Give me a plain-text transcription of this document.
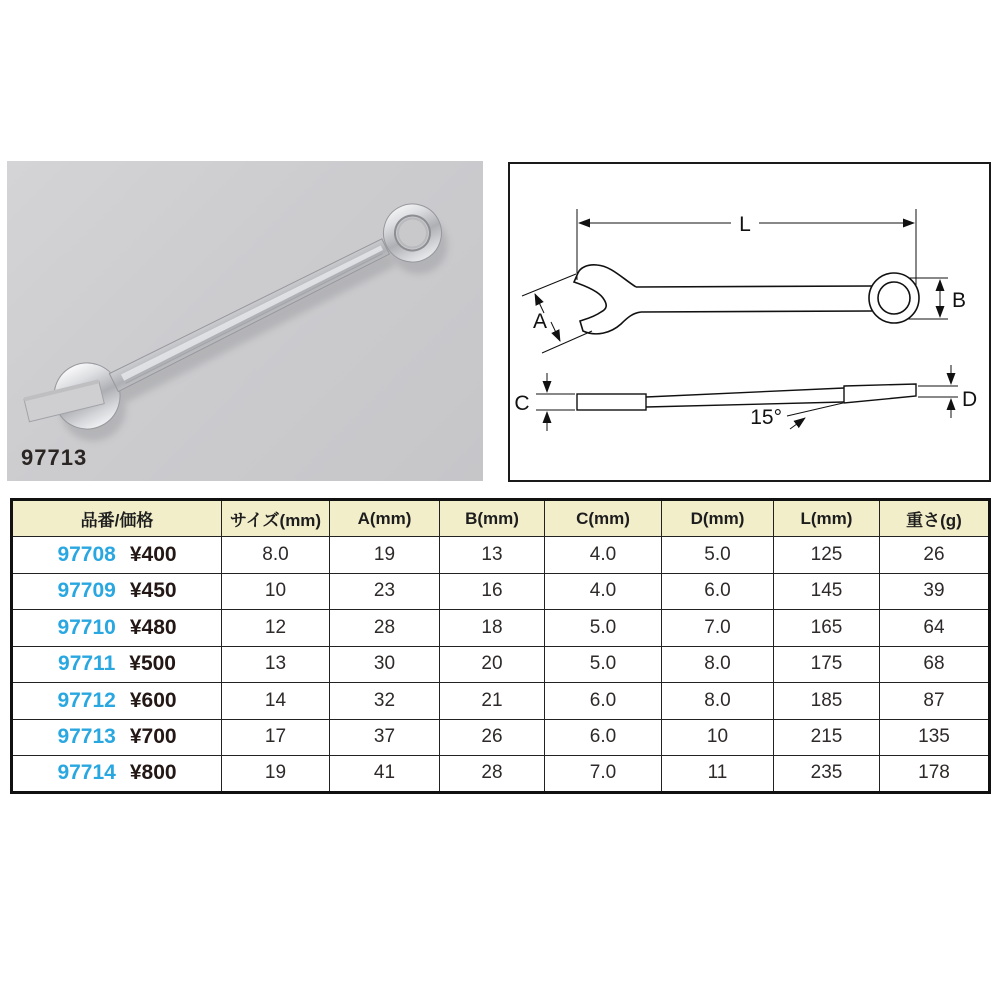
97713
L
A
B
C	D
15°
品番/価格	サイズ(mm)	A(mm)	B(mm)	C(mm)	D(mm)	L(mm)	重さ(g)

97708 ¥400	8.0	19	13	4.0	5.0	125	26

97709 ¥450	10	23	16	4.0	6.0	145	39

97710 ¥480	12	28	18	5.0	7.0	165	64

97711 ¥500	13	30	20	5.0	8.0	175	68

97712 ¥600	14	32	21	6.0	8.0	185	87

97713 ¥700	17	37	26	6.0	10	215	135

97714 ¥800	19	41	28	7.0	11	235	178
